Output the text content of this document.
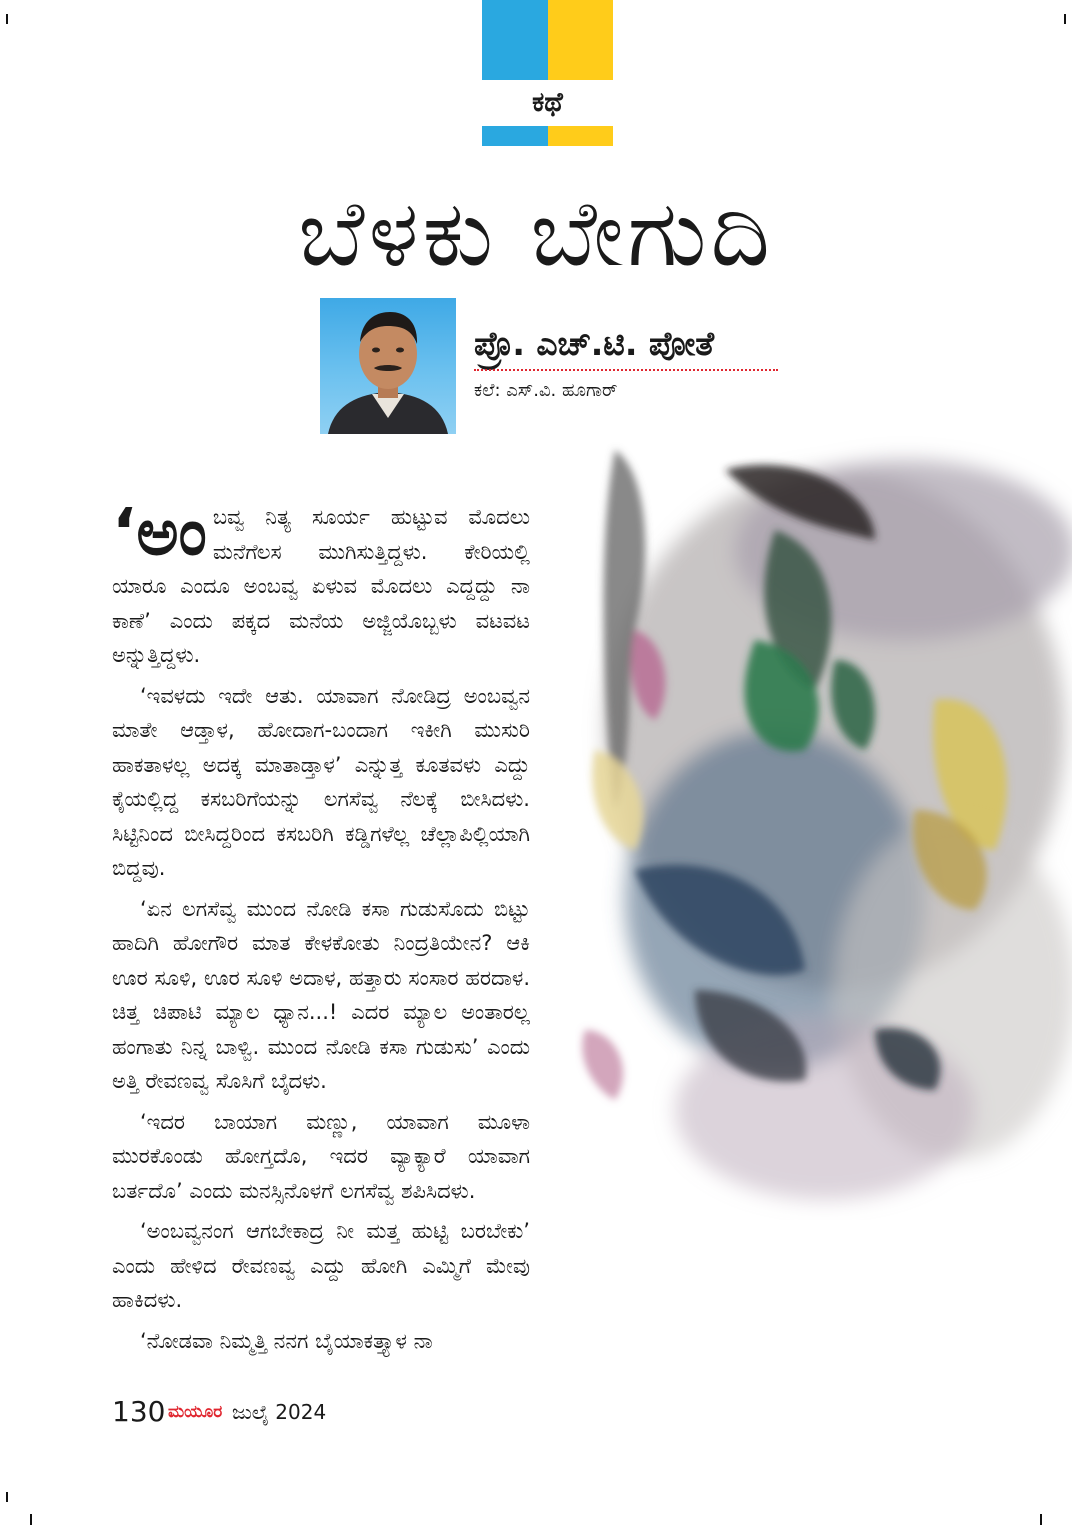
ಕಥೆ
ಬೆಳಕು ಬೇಗುದಿ
ಪ್ರೊ. ಎಚ್.ಟಿ. ಪೋತೆ
ಕಲೆ: ಎಸ್.ವಿ. ಹೂಗಾರ್

‘ಅಂಬವ್ವ ನಿತ್ಯ ಸೂರ್ಯ ಹುಟ್ಟುವ ಮೊದಲು ಮನೆಗೆಲಸ ಮುಗಿಸುತ್ತಿದ್ದಳು. ಕೇರಿಯಲ್ಲಿ ಯಾರೂ ಎಂದೂ ಅಂಬವ್ವ ಏಳುವ ಮೊದಲು ಎದ್ದದ್ದು ನಾ ಕಾಣೆ’ ಎಂದು ಪಕ್ಕದ ಮನೆಯ ಅಜ್ಜಿಯೊಬ್ಬಳು ವಟವಟ ಅನ್ನುತ್ತಿದ್ದಳು.

‘ಇವಳದು ಇದೇ ಆತು. ಯಾವಾಗ ನೋಡಿದ್ರ ಅಂಬವ್ವನ ಮಾತೇ ಆಡ್ತಾಳ, ಹೋದಾಗ-ಬಂದಾಗ ಇಕೀಗಿ ಮುಸುರಿ ಹಾಕತಾಳಲ್ಲ ಅದಕ್ಕ ಮಾತಾಡ್ತಾಳ’ ಎನ್ನುತ್ತ ಕೂತವಳು ಎದ್ದು ಕೈಯಲ್ಲಿದ್ದ ಕಸಬರಿಗೆಯನ್ನು ಲಗಸೆವ್ವ ನೆಲಕ್ಕೆ ಬೀಸಿದಳು. ಸಿಟ್ಟಿನಿಂದ ಬೀಸಿದ್ದರಿಂದ ಕಸಬರಿಗಿ ಕಡ್ಡಿಗಳೆಲ್ಲ ಚೆಲ್ಲಾಪಿಲ್ಲಿಯಾಗಿ ಬಿದ್ದವು.

‘ಏನ ಲಗಸೆವ್ವ ಮುಂದ ನೋಡಿ ಕಸಾ ಗುಡುಸೊದು ಬಿಟ್ಟು ಹಾದಿಗಿ ಹೋಗೌರ ಮಾತ ಕೇಳಕೋತು ನಿಂದ್ರತಿಯೇನ? ಆಕಿ ಊರ ಸೂಳಿ, ಊರ ಸೂಳಿ ಅದಾಳ, ಹತ್ತಾರು ಸಂಸಾರ ಹರದಾಳ. ಚಿತ್ತ ಚಿಪಾಟಿ ಮ್ಯಾಲ ಧ್ಯಾನ...! ಎದರ ಮ್ಯಾಲ ಅಂತಾರಲ್ಲ ಹಂಗಾತು ನಿನ್ನ ಬಾಳ್ವಿ. ಮುಂದ ನೋಡಿ ಕಸಾ ಗುಡುಸು’ ಎಂದು ಅತ್ತಿ ರೇವಣವ್ವ ಸೊಸಿಗೆ ಬೈದಳು.

‘ಇದರ ಬಾಯಾಗ ಮಣ್ಣು, ಯಾವಾಗ ಮೂಳಾ ಮುರಕೊಂಡು ಹೋಗ್ತದೊ, ಇದರ ವ್ಯಾಕ್ಯಾರೆ ಯಾವಾಗ ಬರ್ತದೊ’ ಎಂದು ಮನಸ್ಸಿನೊಳಗೆ ಲಗಸೆವ್ವ ಶಪಿಸಿದಳು.

‘ಅಂಬವ್ವನಂಗ ಆಗಬೇಕಾದ್ರ ನೀ ಮತ್ತ ಹುಟ್ಟಿ ಬರಬೇಕು’ ಎಂದು ಹೇಳಿದ ರೇವಣವ್ವ ಎದ್ದು ಹೋಗಿ ಎಮ್ಮಿಗೆ ಮೇವು ಹಾಕಿದಳು.

‘ನೋಡವಾ ನಿಮ್ಮತ್ತಿ ನನಗ ಬೈಯಾಕತ್ತ್ಯಾಳ ನಾ

130 ಮಯೂರ ಜುಲೈ 2024
